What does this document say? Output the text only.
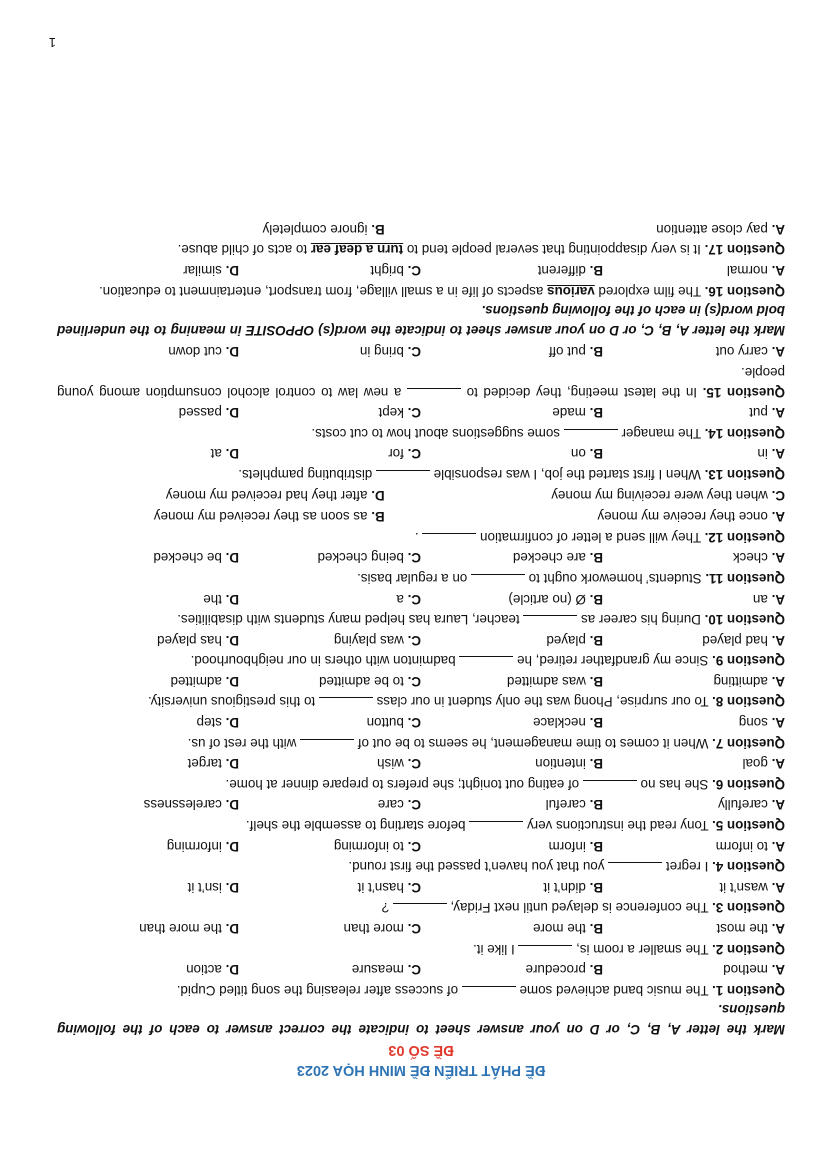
ĐỀ PHÁT TRIỂN ĐỀ MINH HỌA 2023
ĐỀ SỐ 03
Mark the letter A, B, C, or D on your answer sheet to indicate the correct answer to each of the following questions.
Question 1. The music band achieved some  of success after releasing the song titled Cupid.
A. method
B. procedure
C. measure
D. action
Question 2. The smaller a room is,  I like it.
A. the most
B. the more
C. more than
D. the more than
Question 3. The conference is delayed until next Friday,  ?
A. wasn’t it
B. didn’t it
C. hasn’t it
D. isn’t it
Question 4. I regret  you that you haven’t passed the first round.
A. to inform
B. inform
C. to informing
D. informing
Question 5. Tony read the instructions very  before starting to assemble the shelf.
A. carefully
B. careful
C. care
D. carelessness
Question 6. She has no  of eating out tonight; she prefers to prepare dinner at home.
A. goal
B. intention
C. wish
D. target
Question 7. When it comes to time management, he seems to be out of  with the rest of us.
A. song
B. necklace
C. button
D. step
Question 8. To our surprise, Phong was the only student in our class  to this prestigious university.
A. admitting
B. was admitted
C. to be admitted
D. admitted
Question 9. Since my grandfather retired, he  badminton with others in our neighbourhood.
A. had played
B. played
C. was playing
D. has played
Question 10. During his career as  teacher, Laura has helped many students with disabilities.
A. an
B. Ø (no article)
C. a
D. the
Question 11. Students’ homework ought to  on a regular basis.
A. check
B. are checked
C. being checked
D. be checked
Question 12. They will send a letter of confirmation  .
A. once they receive my money
B. as soon as they received my money
C. when they were receiving my money
D. after they had received my money
Question 13. When I first started the job, I was responsible  distributing pamphlets.
A. in
B. on
C. for
D. at
Question 14. The manager  some suggestions about how to cut costs.
A. put
B. made
C. kept
D. passed
Question 15. In the latest meeting, they decided to  a new law to control alcohol consumption among young people.
A. carry out
B. put off
C. bring in
D. cut down
Mark the letter A, B, C, or D on your answer sheet to indicate the word(s) OPPOSITE in meaning to the underlined bold word(s) in each of the following questions.
Question 16. The film explored various aspects of life in a small village, from transport, entertainment to education.
A. normal
B. different
C. bright
D. similar
Question 17. It is very disappointing that several people tend to turn a deaf ear to acts of child abuse.
A. pay close attention
B. ignore completely
1
